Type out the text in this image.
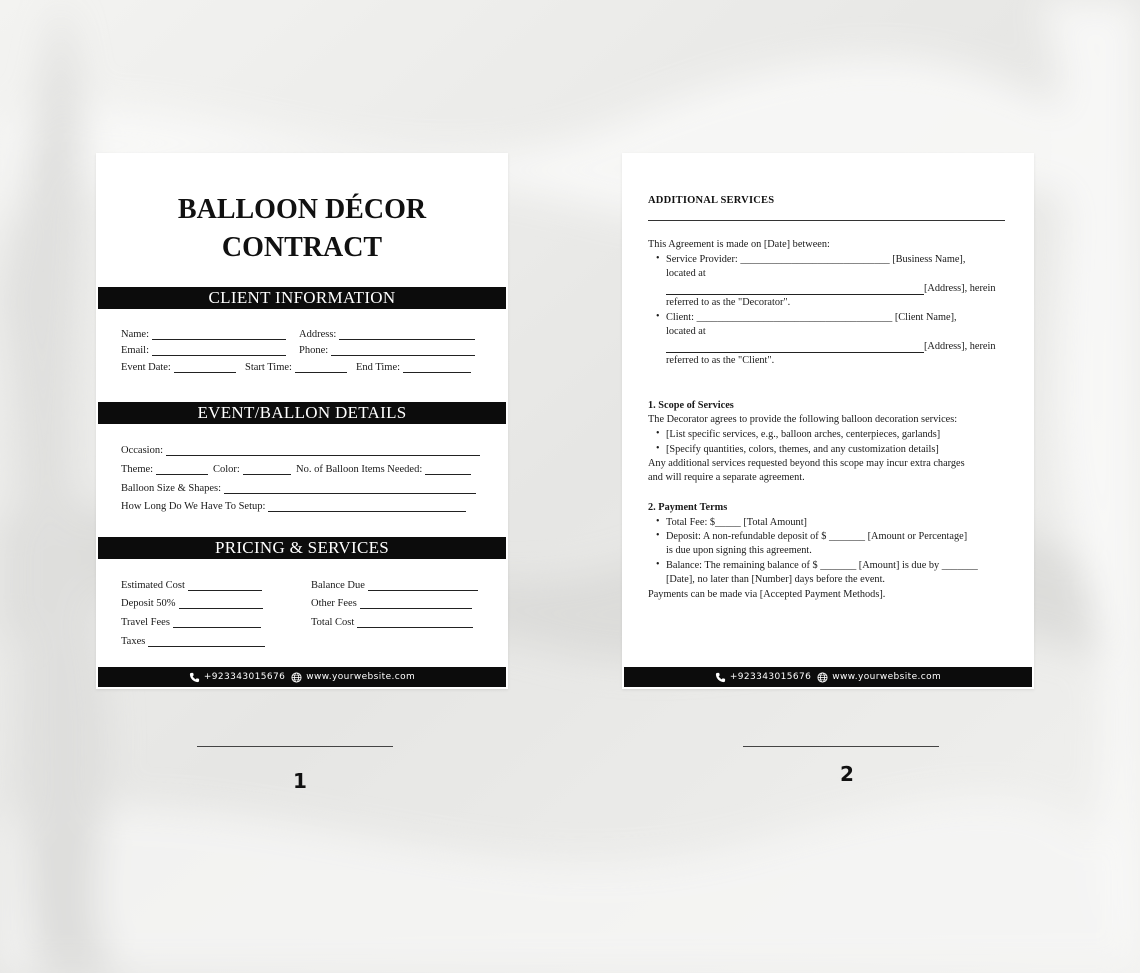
BALLOON DÉCOR
CONTRACT
CLIENT INFORMATION
Name:	Address:
Email:	Phone:
Event Date:	Start Time:	End Time:
EVENT/BALLON DETAILS
Occasion:
Theme:	Color:	No. of Balloon Items Needed:
Balloon Size & Shapes:
How Long Do We Have To Setup:
PRICING & SERVICES
Estimated Cost	Balance Due
Deposit 50%	Other Fees
Travel Fees	Total Cost
Taxes
+923343015676 www.yourwebsite.com
1
ADDITIONAL SERVICES
This Agreement is made on [Date] between:
• Service Provider: _____________________________ [Business Name],
located at
[Address], herein
referred to as the "Decorator".
• Client: ______________________________________ [Client Name],
located at
[Address], herein
referred to as the "Client".
1. Scope of Services
The Decorator agrees to provide the following balloon decoration services:
• [List specific services, e.g., balloon arches, centerpieces, garlands]
• [Specify quantities, colors, themes, and any customization details]
Any additional services requested beyond this scope may incur extra charges
and will require a separate agreement.
2. Payment Terms
• Total Fee: $_____ [Total Amount]
• Deposit: A non-refundable deposit of $ _______ [Amount or Percentage]
is due upon signing this agreement.
• Balance: The remaining balance of $ _______ [Amount] is due by _______
[Date], no later than [Number] days before the event.
Payments can be made via [Accepted Payment Methods].
+923343015676 www.yourwebsite.com
2
